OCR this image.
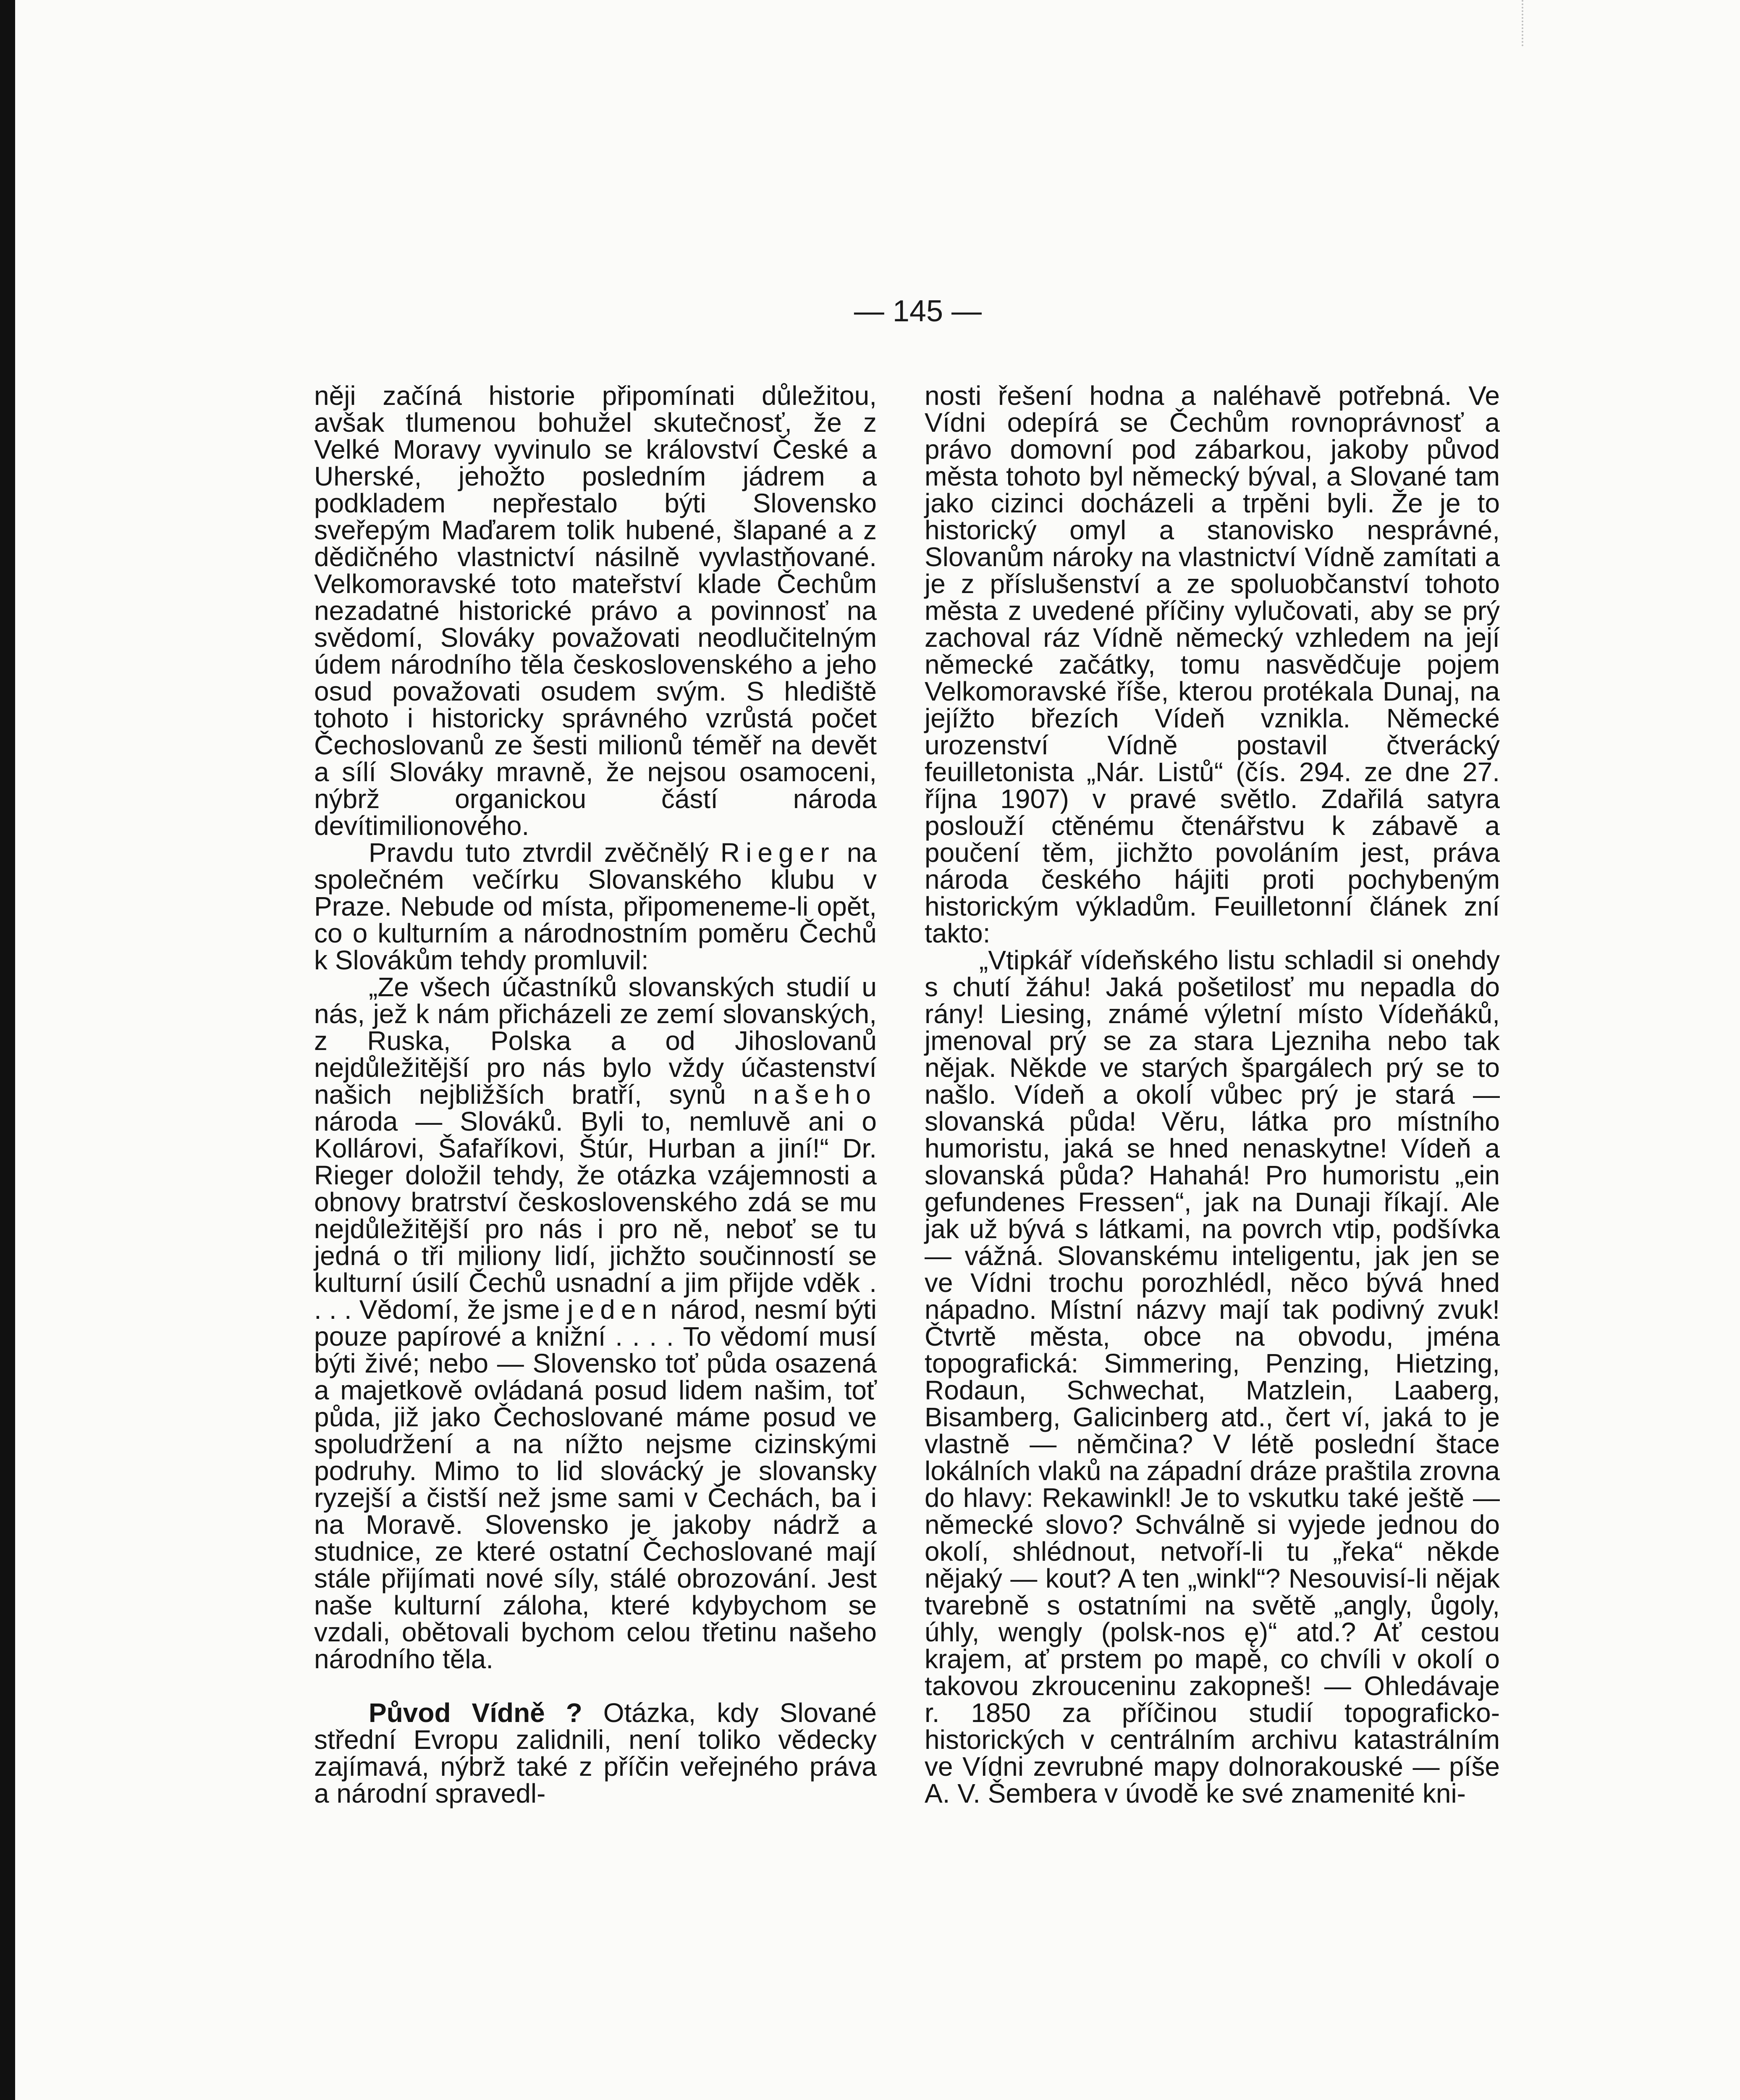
— 145 —

něji začíná historie připomínati důležitou, avšak tlumenou bohužel skutečnosť, že z Velké Moravy vyvinulo se království České a Uherské, jehožto posledním jádrem a podkladem nepřestalo býti Slovensko sveřepým Maďarem tolik hubené, šlapané a z dědičného vlastnictví násilně vyvlastňované. Velkomoravské toto mateřství klade Čechům nezadatné historické právo a povinnosť na svědomí, Slováky považovati neodlučitelným údem národního těla československého a jeho osud považovati osudem svým. S hlediště tohoto i historicky správného vzrůstá počet Čechoslovanů ze šesti milionů téměř na devět a sílí Slováky mravně, že nejsou osamoceni, nýbrž organickou částí národa devítimilionového.

Pravdu tuto ztvrdil zvěčnělý Rieger na společném večírku Slovanského klubu v Praze. Nebude od místa, připomeneme-li opět, co o kulturním a národnostním poměru Čechů k Slovákům tehdy promluvil:

„Ze všech účastníků slovanských studií u nás, jež k nám přicházeli ze zemí slovanských, z Ruska, Polska a od Jihoslovanů nejdůležitější pro nás bylo vždy účastenství našich nejbližších bratří, synů našeho národa — Slováků. Byli to, nemluvě ani o Kollárovi, Šafaříkovi, Štúr, Hurban a jiní!“ Dr. Rieger doložil tehdy, že otázka vzájemnosti a obnovy bratrství československého zdá se mu nejdůležitější pro nás i pro ně, neboť se tu jedná o tři miliony lidí, jichžto součinností se kulturní úsilí Čechů usnadní a jim přijde vděk . . . . Vědomí, že jsme jeden národ, nesmí býti pouze papírové a knižní . . . . To vědomí musí býti živé; nebo — Slovensko toť půda osazená a majetkově ovládaná posud lidem našim, toť půda, již jako Čechoslované máme posud ve spoludržení a na nížto nejsme cizinskými podruhy. Mimo to lid slovácký je slovansky ryzejší a čistší než jsme sami v Čechách, ba i na Moravě. Slovensko je jakoby nádrž a studnice, ze které ostatní Čechoslované mají stále přijímati nové síly, stálé obrozování. Jest naše kulturní záloha, které kdybychom se vzdali, obětovali bychom celou třetinu našeho národního těla.

Původ Vídně ? Otázka, kdy Slované střední Evropu zalidnili, není toliko vědecky zajímavá, nýbrž také z příčin veřejného práva a národní spravedl-

nosti řešení hodna a naléhavě potřebná. Ve Vídni odepírá se Čechům rovnoprávnosť a právo domovní pod zábarkou, jakoby původ města tohoto byl německý býval, a Slované tam jako cizinci docházeli a trpěni byli. Že je to historický omyl a stanovisko nesprávné, Slovanům nároky na vlastnictví Vídně zamítati a je z příslušenství a ze spoluobčanství tohoto města z uvedené příčiny vylučovati, aby se prý zachoval ráz Vídně německý vzhledem na její německé začátky, tomu nasvědčuje pojem Velkomoravské říše, kterou protékala Dunaj, na jejížto březích Vídeň vznikla. Německé urozenství Vídně postavil čtverácký feuilletonista „Nár. Listů“ (čís. 294. ze dne 27. října 1907) v pravé světlo. Zdařilá satyra poslouží ctěnému čtenářstvu k zábavě a poučení těm, jichžto povoláním jest, práva národa českého hájiti proti pochybeným historickým výkladům. Feuilletonní článek zní takto:

„Vtipkář vídeňského listu schladil si onehdy s chutí žáhu! Jaká pošetilosť mu nepadla do rány! Liesing, známé výletní místo Vídeňáků, jmenoval prý se za stara Ljezniha nebo tak nějak. Někde ve starých špargálech prý se to našlo. Vídeň a okolí vůbec prý je stará — slovanská půda! Věru, látka pro místního humoristu, jaká se hned nenaskytne! Vídeň a slovanská půda? Hahahá! Pro humoristu „ein gefundenes Fressen“, jak na Dunaji říkají. Ale jak už bývá s látkami, na povrch vtip, podšívka — vážná. Slovanskému inteligentu, jak jen se ve Vídni trochu porozhlédl, něco bývá hned nápadno. Místní názvy mají tak podivný zvuk! Čtvrtě města, obce na obvodu, jména topografická: Simmering, Penzing, Hietzing, Rodaun, Schwechat, Matzlein, Laaberg, Bisamberg, Galicinberg atd., čert ví, jaká to je vlastně — němčina? V létě poslední štace lokálních vlaků na západní dráze praštila zrovna do hlavy: Rekawinkl! Je to vskutku také ještě — německé slovo? Schválně si vyjede jednou do okolí, shlédnout, netvoří-li tu „řeka“ někde nějaký — kout? A ten „winkl“? Nesouvisí-li nějak tvarebně s ostatními na světě „angly, ůgoly, úhly, wengly (polsk-nos ę)“ atd.? Ať cestou krajem, ať prstem po mapě, co chvíli v okolí o takovou zkrouceninu zakopneš! — Ohledávaje r. 1850 za příčinou studií topograficko-historických v centrálním archivu katastrálním ve Vídni zevrubné mapy dolnorakouské — píše A. V. Šembera v úvodě ke své znamenité kni-
